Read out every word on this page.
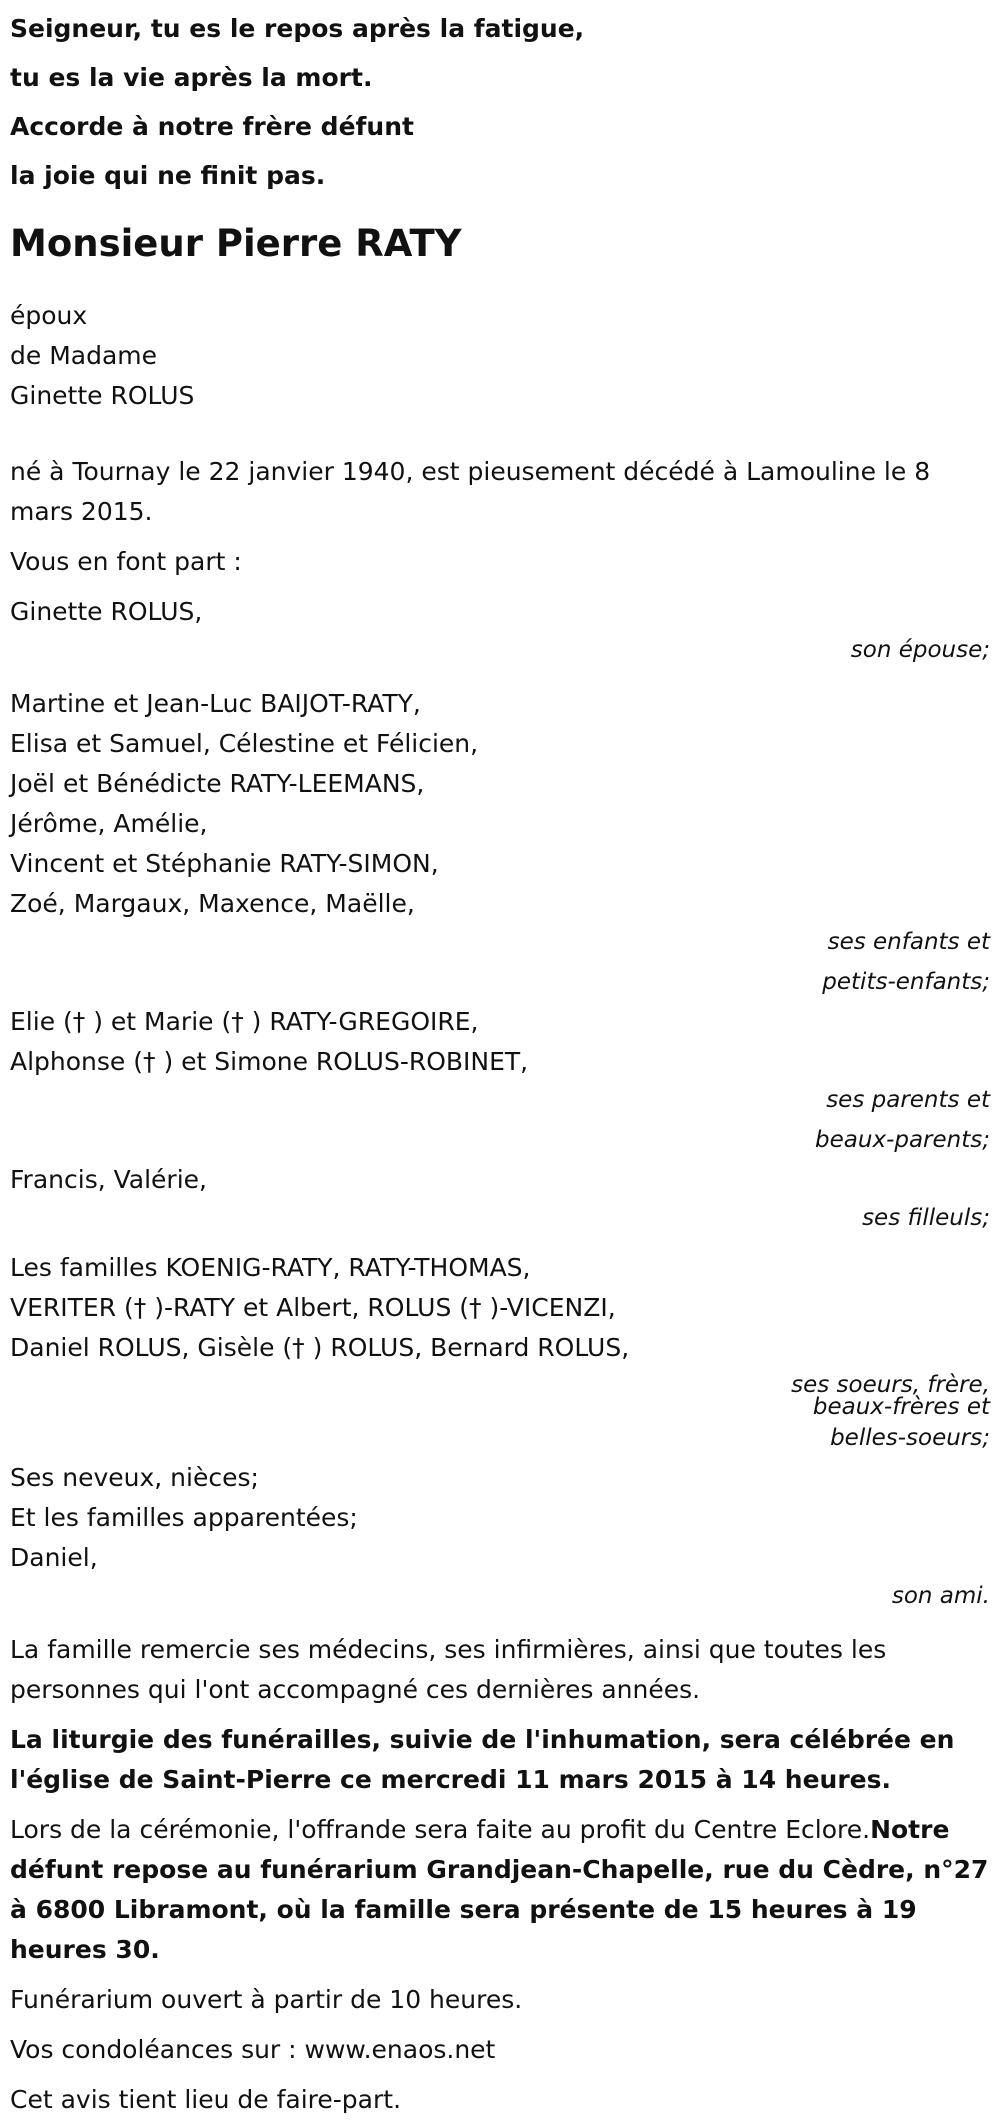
Seigneur, tu es le repos après la fatigue,
tu es la vie après la mort.
Accorde à notre frère défunt
la joie qui ne finit pas.
Monsieur Pierre RATY
époux
de Madame
Ginette ROLUS

né à Tournay le 22 janvier 1940, est pieusement décédé à Lamouline le 8 mars 2015.

Vous en font part :

Ginette ROLUS,
son épouse;
Martine et Jean-Luc BAIJOT-RATY,
Elisa et Samuel, Célestine et Félicien,
Joël et Bénédicte RATY-LEEMANS,
Jérôme, Amélie,
Vincent et Stéphanie RATY-SIMON,
Zoé, Margaux, Maxence, Maëlle,
ses enfants et
petits-enfants;
Elie († ) et Marie († ) RATY-GREGOIRE,
Alphonse († ) et Simone ROLUS-ROBINET,
ses parents et
beaux-parents;
Francis, Valérie,
ses filleuls;
Les familles KOENIG-RATY, RATY-THOMAS,
VERITER († )-RATY et Albert, ROLUS († )-VICENZI,
Daniel ROLUS, Gisèle († ) ROLUS, Bernard ROLUS,
ses soeurs, frère,
beaux-frères et
belles-soeurs;
Ses neveux, nièces;
Et les familles apparentées;
Daniel,
son ami.

La famille remercie ses médecins, ses infirmières, ainsi que toutes les personnes qui l'ont accompagné ces dernières années.

La liturgie des funérailles, suivie de l'inhumation, sera célébrée en l'église de Saint-Pierre ce mercredi 11 mars 2015 à 14 heures.

Lors de la cérémonie, l'offrande sera faite au profit du Centre Eclore.Notre défunt repose au funérarium Grandjean-Chapelle, rue du Cèdre, n°27 à 6800 Libramont, où la famille sera présente de 15 heures à 19 heures 30.

Funérarium ouvert à partir de 10 heures.

Vos condoléances sur : www.enaos.net

Cet avis tient lieu de faire-part.
